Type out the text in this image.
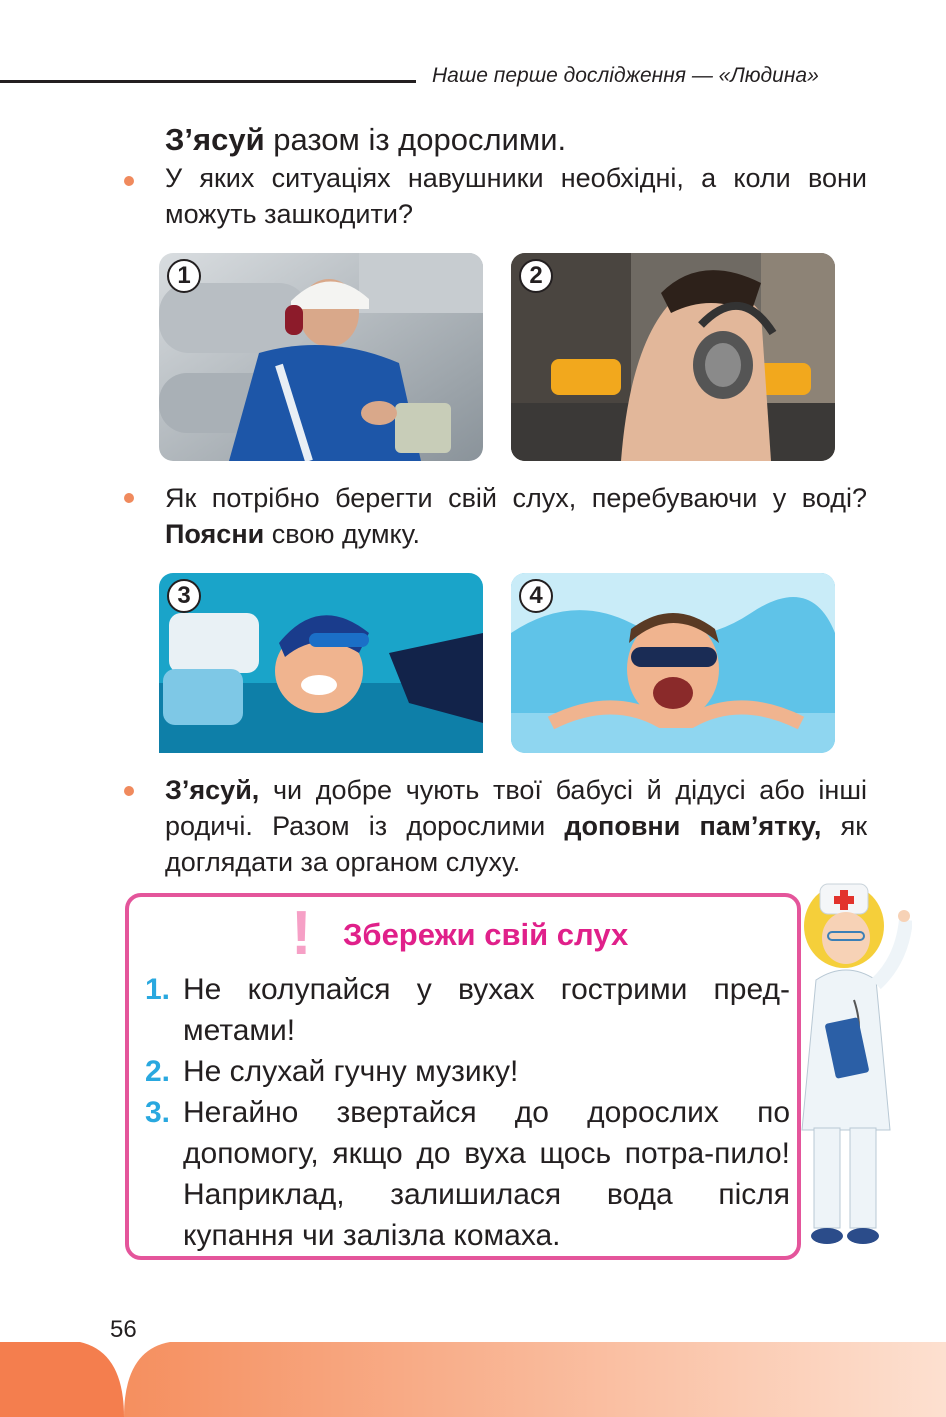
Наше перше дослідження — «Людина»
З’ясуй разом із дорослими.
У яких ситуаціях навушники необхідні, а коли вони можуть зашкодити?
1	2
Як потрібно берегти свій слух, перебуваючи у воді? Поясни свою думку.
3	4
З’ясуй, чи добре чують твої бабусі й дідусі або інші родичі. Разом із дорослими доповни пам’ятку, як доглядати за органом слуху.
! Збережи свій слух
1. Не колупайся у вухах гострими пред-метами!
2. Не слухай гучну музику!
3. Негайно звертайся до дорослих по допомогу, якщо до вуха щось потра-пило! Наприклад, залишилася вода після купання чи залізла комаха.
56
